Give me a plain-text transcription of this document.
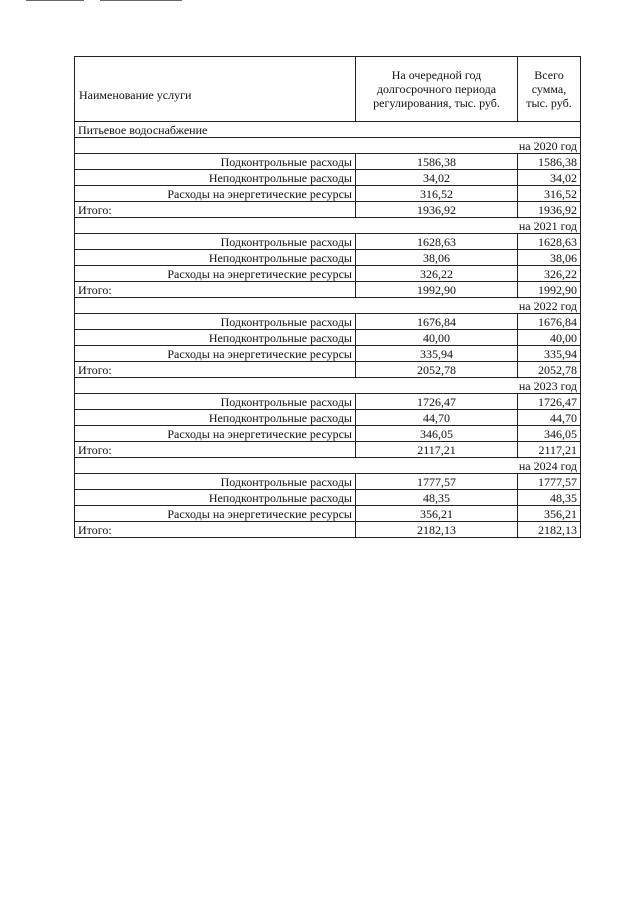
Наименование услуги	На очередной год долгосрочного периода регулирования, тыс. руб.	Всего сумма, тыс. руб.
Питьевое водоснабжение		
на 2020 год		
Подконтрольные расходы	1586,38	1586,38
Неподконтрольные расходы	34,02	34,02
Расходы на энергетические ресурсы	316,52	316,52
Итого:	1936,92	1936,92
на 2021 год		
Подконтрольные расходы	1628,63	1628,63
Неподконтрольные расходы	38,06	38,06
Расходы на энергетические ресурсы	326,22	326,22
Итого:	1992,90	1992,90
на 2022 год		
Подконтрольные расходы	1676,84	1676,84
Неподконтрольные расходы	40,00	40,00
Расходы на энергетические ресурсы	335,94	335,94
Итого:	2052,78	2052,78
на 2023 год		
Подконтрольные расходы	1726,47	1726,47
Неподконтрольные расходы	44,70	44,70
Расходы на энергетические ресурсы	346,05	346,05
Итого:	2117,21	2117,21
на 2024 год		
Подконтрольные расходы	1777,57	1777,57
Неподконтрольные расходы	48,35	48,35
Расходы на энергетические ресурсы	356,21	356,21
Итого:	2182,13	2182,13
